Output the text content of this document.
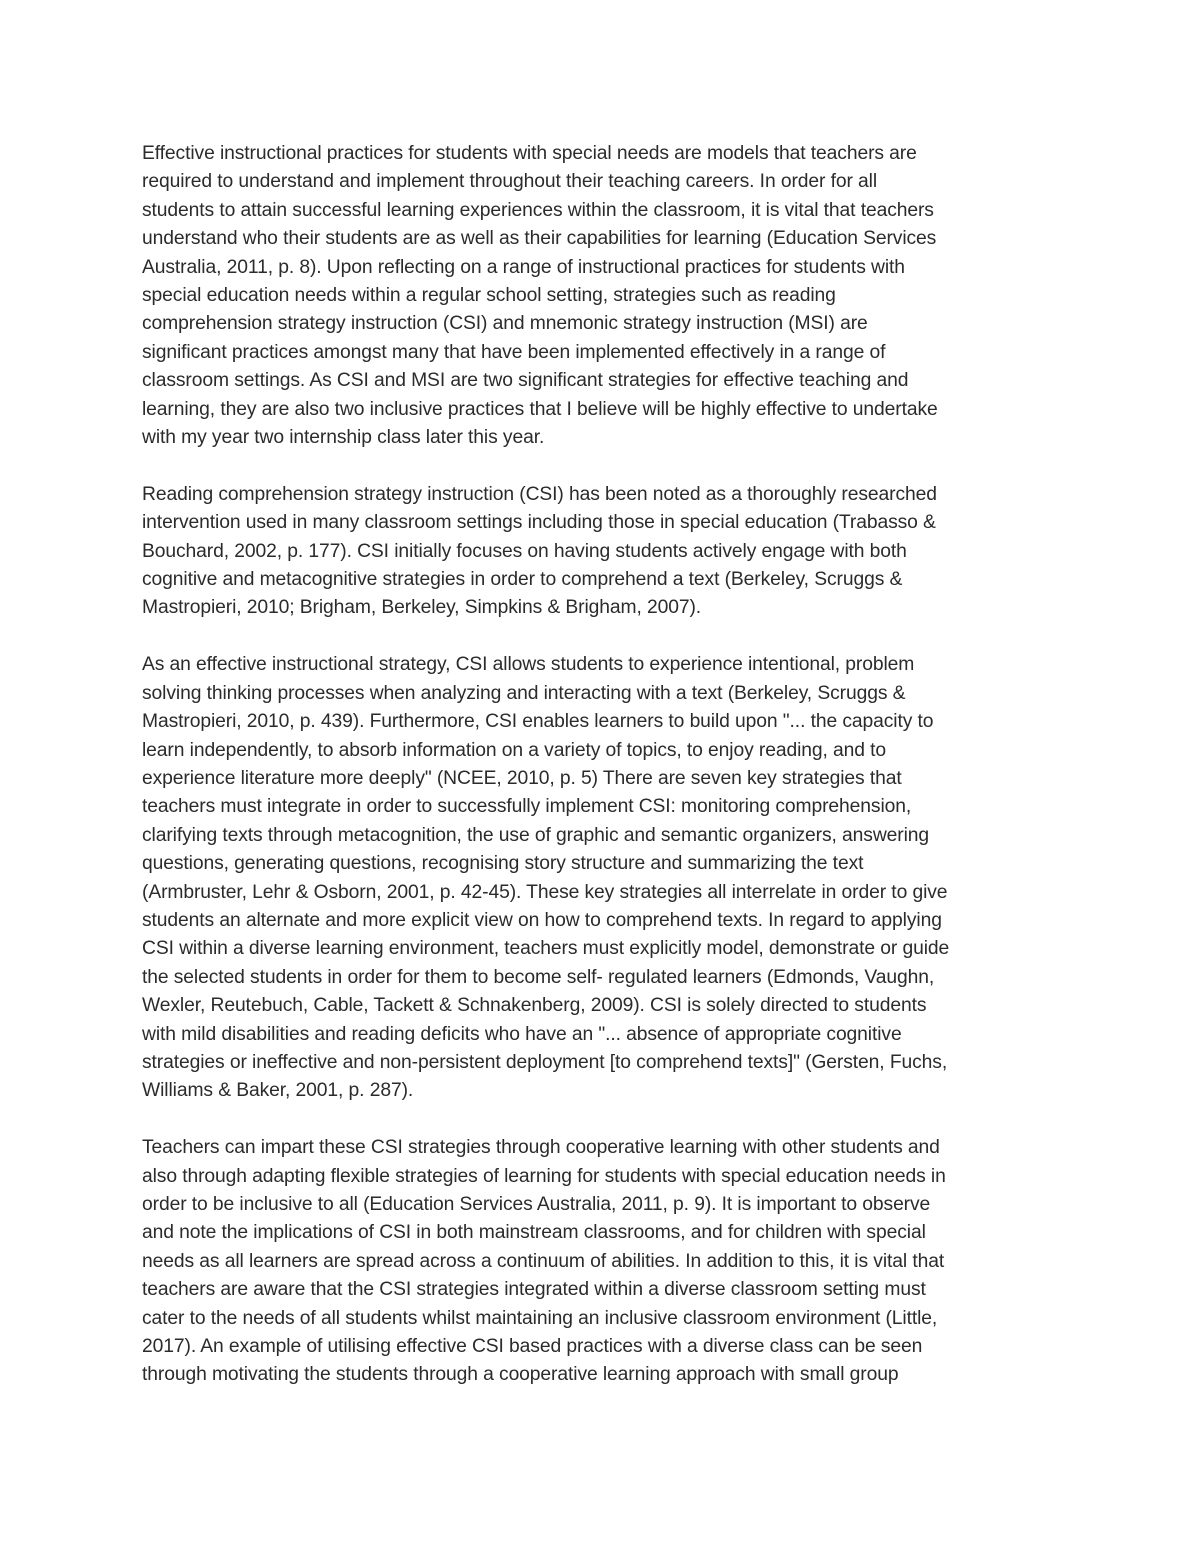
Effective instructional practices for students with special needs are models that teachers are
required to understand and implement throughout their teaching careers. In order for all
students to attain successful learning experiences within the classroom, it is vital that teachers
understand who their students are as well as their capabilities for learning (Education Services
Australia, 2011, p. 8). Upon reflecting on a range of instructional practices for students with
special education needs within a regular school setting, strategies such as reading
comprehension strategy instruction (CSI) and mnemonic strategy instruction (MSI) are
significant practices amongst many that have been implemented effectively in a range of
classroom settings. As CSI and MSI are two significant strategies for effective teaching and
learning, they are also two inclusive practices that I believe will be highly effective to undertake
with my year two internship class later this year.

Reading comprehension strategy instruction (CSI) has been noted as a thoroughly researched
intervention used in many classroom settings including those in special education (Trabasso &
Bouchard, 2002, p. 177). CSI initially focuses on having students actively engage with both
cognitive and metacognitive strategies in order to comprehend a text (Berkeley, Scruggs &
Mastropieri, 2010; Brigham, Berkeley, Simpkins & Brigham, 2007).

As an effective instructional strategy, CSI allows students to experience intentional, problem
solving thinking processes when analyzing and interacting with a text (Berkeley, Scruggs &
Mastropieri, 2010, p. 439). Furthermore, CSI enables learners to build upon "... the capacity to
learn independently, to absorb information on a variety of topics, to enjoy reading, and to
experience literature more deeply" (NCEE, 2010, p. 5) There are seven key strategies that
teachers must integrate in order to successfully implement CSI: monitoring comprehension,
clarifying texts through metacognition, the use of graphic and semantic organizers, answering
questions, generating questions, recognising story structure and summarizing the text
(Armbruster, Lehr & Osborn, 2001, p. 42-45). These key strategies all interrelate in order to give
students an alternate and more explicit view on how to comprehend texts. In regard to applying
CSI within a diverse learning environment, teachers must explicitly model, demonstrate or guide
the selected students in order for them to become self- regulated learners (Edmonds, Vaughn,
Wexler, Reutebuch, Cable, Tackett & Schnakenberg, 2009). CSI is solely directed to students
with mild disabilities and reading deficits who have an "... absence of appropriate cognitive
strategies or ineffective and non-persistent deployment [to comprehend texts]" (Gersten, Fuchs,
Williams & Baker, 2001, p. 287).

Teachers can impart these CSI strategies through cooperative learning with other students and
also through adapting flexible strategies of learning for students with special education needs in
order to be inclusive to all (Education Services Australia, 2011, p. 9). It is important to observe
and note the implications of CSI in both mainstream classrooms, and for children with special
needs as all learners are spread across a continuum of abilities. In addition to this, it is vital that
teachers are aware that the CSI strategies integrated within a diverse classroom setting must
cater to the needs of all students whilst maintaining an inclusive classroom environment (Little,
2017). An example of utilising effective CSI based practices with a diverse class can be seen
through motivating the students through a cooperative learning approach with small group
